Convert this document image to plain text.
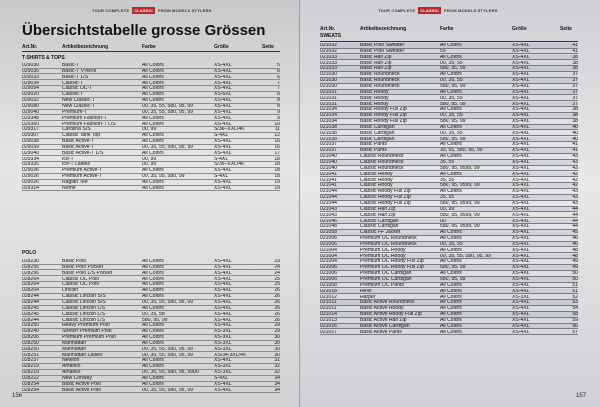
TOUR COMPLETE	CLASSIC	FROM MODELS STYLERS
Übersichtstabelle grosse Grössen
Art.Nr.	Artikelbezeichnung	Farbe	Größe	Seite
T-SHIRTS & TOPS
029030	Basic-T	All Colors	XS-4XL	5
029035	Basic-T V-neck	All Colors	XS-4XL	6
029033	Basic-T L/S	All Colors	XS-4XL	6
029034	Classic-T	All Colors	XS-4XL	7
029054	Classic OC-T	All Colors	XS-4XL	7
029020	Classic-T	All Colors	XS-6XL	8
029032	New Classic-T	All Colors	XS-4XL	8
029080	New Classic-T	00, 35, 55, 580, 95, 99	XS-4XL	8
029040	Premium-T	00, 35, 55, 580, 95, 99	XS-4XL	9
029348	Premium Fashion-T	All Colors	XS-4XL	9
029350	Premium Fashion-T L/S	All Colors	XS-4XL	10
029317	Carolina S/S	00, 99	S/36–XXL/46	11
029307	Classic Tank Top	All Colors	S-4XL	12
029038	Basic Active-T	All Colors	XS-4XL	16
029039	Basic Active-T	00, 35, 55, 580, 95, 99	XS-4XL	16
029040	Basic Active-T L/S	All Colors	XS-4XL	17
029334	Ice-T	00, 99	S-4XL	18
029335	Ice-T Ladies	00, 99	S/36–XXL/46	18
029036	Premium Active-T	All Colors	XS-4XL	18
029026	Premium Active-T	00, 35, 55, 580, 99	S-4XL	18
029026	Raglan Tee	All Colors	XS-4XL	19
029314	Nome	All Colors	XS-4XL	19
POLO
028230	Basic Polo	All Colors	XS-4XL	23
028255	Basic Polo Pocket	All Colors	XS-4XL	24
028256	Basic Polo L/S Pocket	All Colors	XS-4XL	24
028264	Classic OC Polo	All Colors	XS-4XL	25
028264	Classic OC Polo	All Colors	XS-4XL	25
028204	Lincoln	All Colors	XS-4XL	26
028244	Classic Lincoln S/S	All Colors	XS-4XL	26
028244	Classic Lincoln S/S	00, 35, 55, 580, 95, 99	XS-4XL	26
028245	Classic Lincoln L/S	All Colors	XS-4XL	26
028245	Classic Lincoln L/S	00, 35, 58	XS-4XL	26
028244	Classic Lincoln L/S	580, 95, 99	XS-4XL	26
028250	Heavy Premium Polo	All Colors	XS-4XL	29
028240	Stretch Premium Polo	All Colors	XS-3XL	29
028206	Premium Premium Polo	All Colors	XS-3XL	30
028250	Manhattan	All Colors	XS-3XL	30
028250	Manhattan	00, 35, 55, 580, 95, 99	XS-3XL	30
028251	Manhattan Ladies	00, 35, 55, 580, 95, 99	XS/34-3XL/46	30
028237	Newton	All Colors	XS-4XL	31
028219	Amarillo	All Colors	XS-3XL	32
028219	Amarillo	00, 35, 55, 580, 95, 9900	XS-3XL	32
028222	New Conway	All Colors	S-4XL	34
028254	Basic Active Polo	All Colors	XS-4XL	34
028254	Basic Active Polo	00, 35, 55, 580, 95, 99	XS-4XL	34
156
TOUR COMPLETE	CLASSIC	FROM MODELS STYLERS
Art.Nr.	Artikelbezeichnung	Farbe	Größe	Seite
SWEATS
021032	Basic Polo Sweater	All Colors	XS-4XL	41
021032	Basic Polo Sweater	55	XS-4XL	41
021033	Basic Half Zip	All Colors	XS-4XL	38
021033	Basic Half Zip	00, 35, 55	XS-4XL	38
021033	Basic Half Zip	580, 95, 99	XS-4XL	38
021030	Basic Roundneck	All Colors	XS-4XL	37
021030	Basic Roundneck	00, 35, 55	XS-4XL	37
021030	Basic Roundneck	580, 95, 99	XS-4XL	37
021031	Basic Hoody	All Colors	XS-4XL	37
021031	Basic Hoody	00, 35, 55	XS-4XL	37
021031	Basic Hoody	580, 95, 99	XS-4XL	37
021034	Basic Hoody Full Zip	All Colors	XS-4XL	38
021034	Basic Hoody Full Zip	00, 35, 55	XS-4XL	38
021034	Basic Hoody Full Zip	580, 95, 99	XS-4XL	38
021038	Basic Cardigan	All Colors	XS-4XL	40
021038	Basic Cardigan	00, 35, 55	XS-4XL	40
021038	Basic Cardigan	580, 95, 99	XS-4XL	40
021037	Basic Pants	All Colors	XS-4XL	41
021037	Basic Pants	35, 55, 580, 95, 99	XS-4XL	41
021040	Classic Roundneck	All Colors	XS-4XL	43
021040	Classic Roundneck	35, 55	XS-4XL	43
021040	Classic Roundneck	580, 95, 9599, 99	XS-4XL	43
021041	Classic Hoody	All Colors	XS-4XL	42
021041	Classic Hoody	35, 55	XS-4XL	42
021041	Classic Hoody	580, 95, 9599, 99	XS-4XL	42
021044	Classic Hoody Full Zip	All Colors	XS-4XL	43
021044	Classic Hoody Full Zip	35, 55	XS-4XL	43
021044	Classic Hoody Full Zip	580, 95, 9599, 99	XS-4XL	43
021043	Classic Half Zip	00, 99	XS-4XL	44
021043	Classic Half Zip	580, 95, 9599, 99	XS-4XL	44
021046	Classic Cardigan	00	XS-4XL	44
021048	Classic Cardigan	580, 95, 9599, 99	XS-4XL	44
021058	Classic FF Jacket	All Colors	XS-4XL	45
021006	Premium OC Roundneck	All Colors	XS-4XL	46
021006	Premium OC Roundneck	00, 35, 55	XS-4XL	46
021004	Premium OC Hoody	All Colors	XS-4XL	48
021004	Premium OC Hoody	00, 35, 55, 580, 95, 99	XS-4XL	48
021004	Premium OC Hoody Full Zip	All Colors	XS-4XL	49
021006	Premium OC Hoody Full Zip	580, 95, 99	XS-4XL	49
021006	Premium OC Cardigan	All Colors	XS-4XL	50
021006	Premium OC Cardigan	580, 95, 99	XS-4XL	50
021008	Premium OC Pants	All Colors	XS-4XL	51
021018	Helio	All Colors	XS-4XL	51
021012	Harper	All Colors	XS-3XL	52
021011	Basic Active Roundneck	All Colors	XS-4XL	53
021011	Basic Active Hoody	All Colors	XS-4XL	54
021014	Basic Active Hoody Full Zip	All Colors	XS-4XL	58
021013	Basic Active Half Zip	All Colors	XS-4XL	59
021016	Basic Active Cardigan	All Colors	XS-4XL	56
021017	Basic Active Pants	All Colors	XS-4XL	57
157
